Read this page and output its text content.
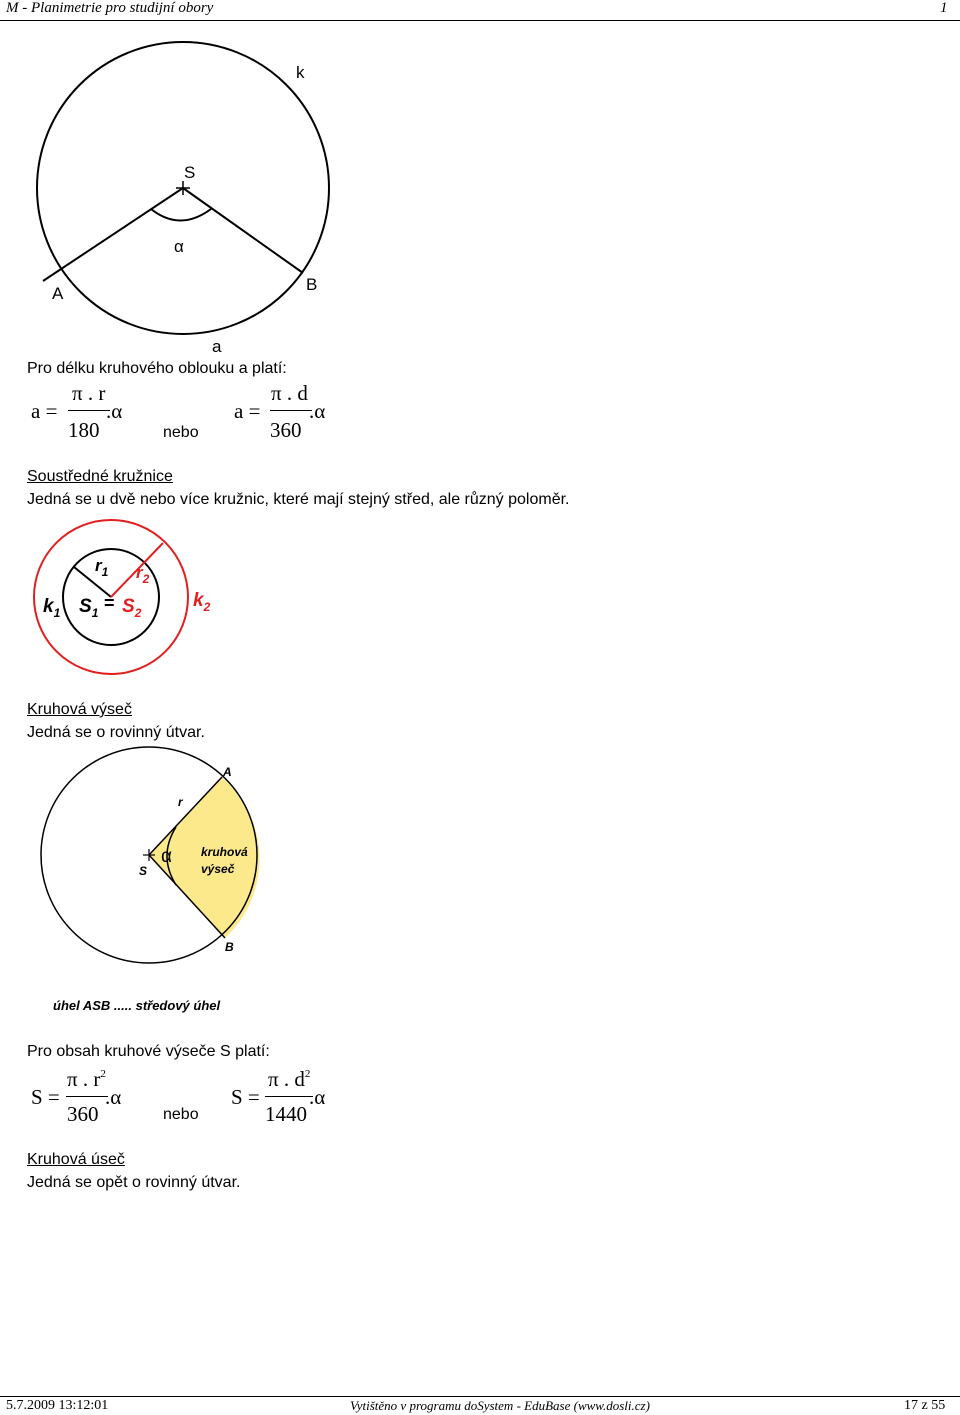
M - Planimetrie pro studijní obory	1
k
S
α
A	B
a
Pro délku kruhového oblouku a platí:
a =
π . r
180
.α
nebo
a =
π . d
360
.α
Soustředné kružnice
Jedná se u dvě nebo více kružnic, které mají stejný střed, ale různý poloměr.
$r_1$ $r_2$
$k_1$ $S_1 = S_2$
$k_2$
Kruhová výseč
Jedná se o rovinný útvar.
A
r
α kruhová
výseč
S
B
úhel ASB ..... středový úhel
Pro obsah kruhové výseče S platí:
S =
π . $r^2$
360
.α
nebo
S =
π . $d^2$
1440
.α
Kruhová úseč
Jedná se opět o rovinný útvar.
5.7.2009 13:12:01	Vytištěno v programu doSystem - EduBase (www.dosli.cz)	17 z 55
